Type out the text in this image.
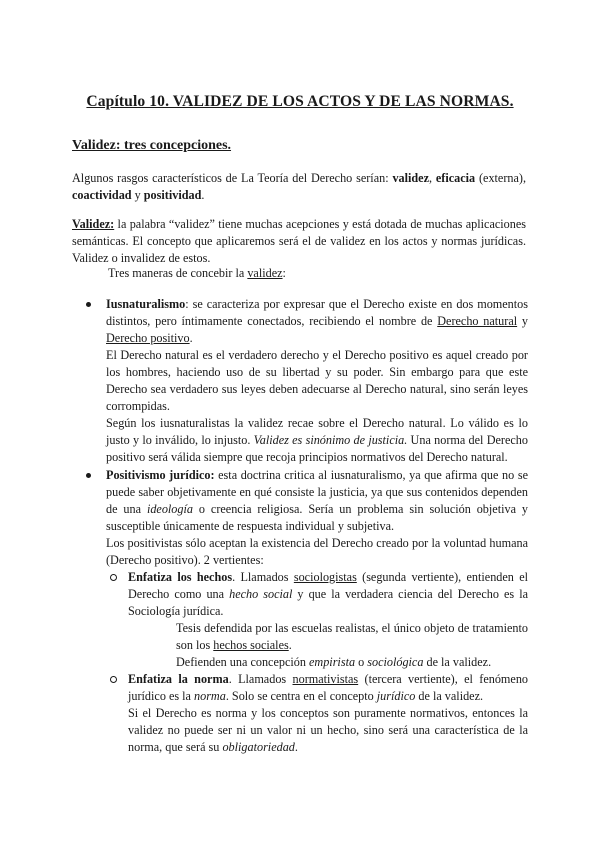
Capítulo 10. VALIDEZ DE LOS ACTOS Y DE LAS NORMAS.
Validez: tres concepciones.

Algunos rasgos característicos de La Teoría del Derecho serían: validez, eficacia (externa), coactividad y positividad.

Validez: la palabra “validez” tiene muchas acepciones y está dotada de muchas aplicaciones semánticas. El concepto que aplicaremos será el de validez en los actos y normas jurídicas. Validez o invalidez de estos.

Tres maneras de concebir la validez:

Iusnaturalismo: se caracteriza por expresar que el Derecho existe en dos momentos distintos, pero íntimamente conectados, recibiendo el nombre de Derecho natural y Derecho positivo.

El Derecho natural es el verdadero derecho y el Derecho positivo es aquel creado por los hombres, haciendo uso de su libertad y su poder. Sin embargo para que este Derecho sea verdadero sus leyes deben adecuarse al Derecho natural, sino serán leyes corrompidas.

Según los iusnaturalistas la validez recae sobre el Derecho natural. Lo válido es lo justo y lo inválido, lo injusto. Validez es sinónimo de justicia. Una norma del Derecho positivo será válida siempre que recoja principios normativos del Derecho natural.

Positivismo jurídico: esta doctrina critica al iusnaturalismo, ya que afirma que no se puede saber objetivamente en qué consiste la justicia, ya que sus contenidos dependen de una ideología o creencia religiosa. Sería un problema sin solución objetiva y susceptible únicamente de respuesta individual y subjetiva.

Los positivistas sólo aceptan la existencia del Derecho creado por la voluntad humana (Derecho positivo). 2 vertientes:

Enfatiza los hechos. Llamados sociologistas (segunda vertiente), entienden el Derecho como una hecho social y que la verdadera ciencia del Derecho es la Sociología jurídica.

Tesis defendida por las escuelas realistas, el único objeto de tratamiento son los hechos sociales.

Defienden una concepción empirista o sociológica de la validez.

Enfatiza la norma. Llamados normativistas (tercera vertiente), el fenómeno jurídico es la norma. Solo se centra en el concepto jurídico de la validez.

Si el Derecho es norma y los conceptos son puramente normativos, entonces la validez no puede ser ni un valor ni un hecho, sino será una característica de la norma, que será su obligatoriedad.
